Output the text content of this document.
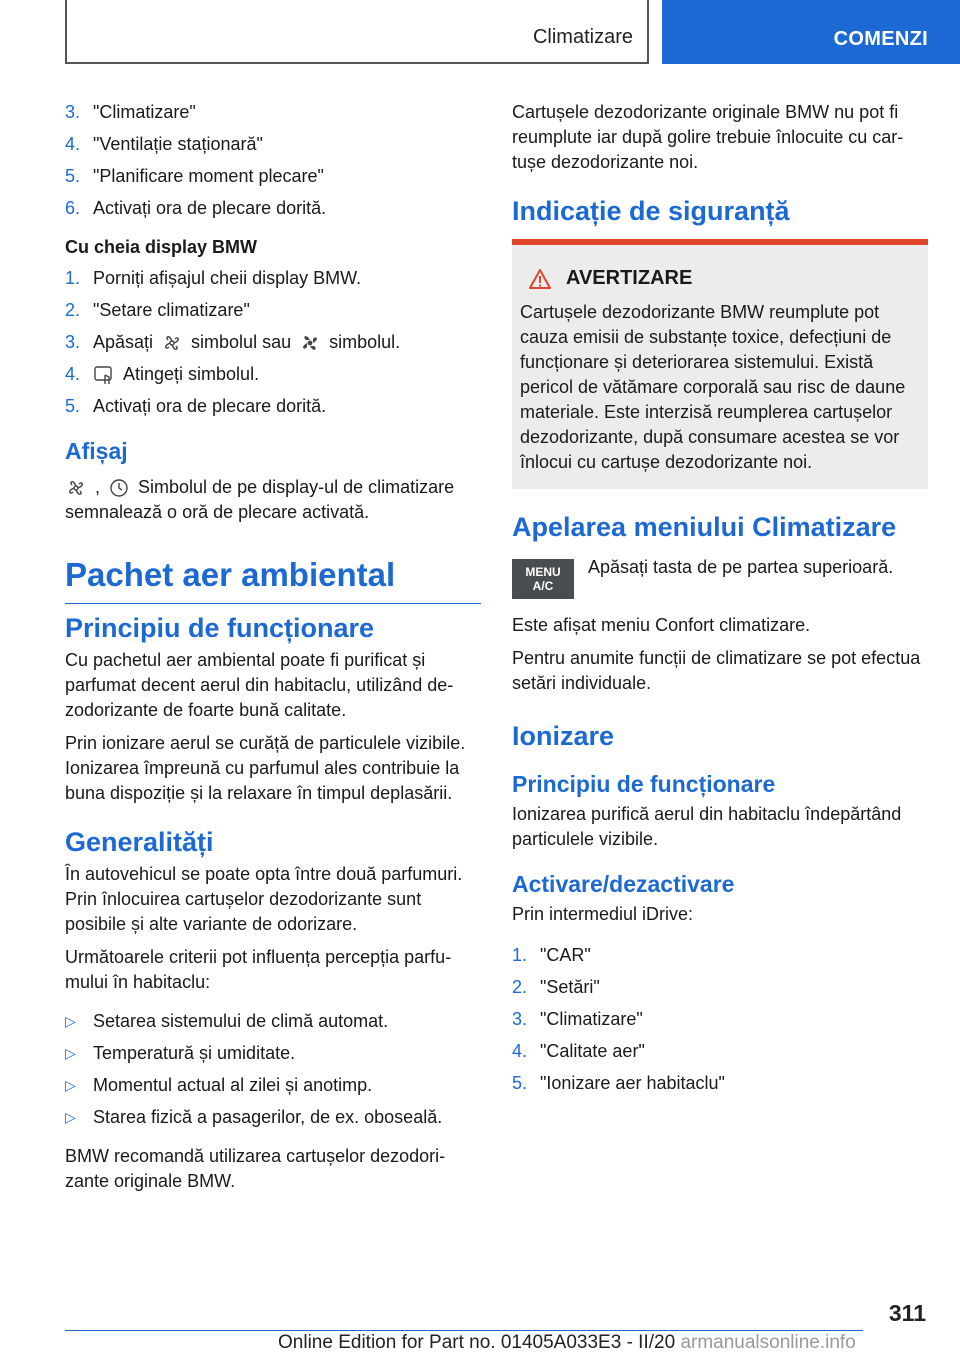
Climatizare	COMENZI
3. "Climatizare"
4. "Ventilație staționară"
5. "Planificare moment plecare"
6. Activați ora de plecare dorită.

Cu cheia display BMW

1. Porniți afișajul cheii display BMW.
2. "Setare climatizare"
3. Apăsați simbolul sau simbolul.
4.	Atingeți simbolul.
5. Activați ora de plecare dorită.
Afișaj

, Simbolul de pe display-ul de climatizare semnalează o oră de plecare activată.

Pachet aer ambiental
Principiu de funcționare

Cu pachetul aer ambiental poate fi purificat și parfumat decent aerul din habitaclu, utilizând dezodorizante de foarte bună calitate.

Prin ionizare aerul se curăță de particulele vizibile. Ionizarea împreună cu parfumul ales contribuie la buna dispoziție și la relaxare în timpul deplasării.

Generalități

În autovehicul se poate opta între două parfumuri. Prin înlocuirea cartușelor dezodorizante sunt posibile și alte variante de odorizare.

Următoarele criterii pot influența percepția parfumului în habitaclu:

▷ Setarea sistemului de climă automat.
▷ Temperatură și umiditate.
▷ Momentul actual al zilei și anotimp.
▷ Starea fizică a pasagerilor, de ex. oboseală.

BMW recomandă utilizarea cartușelor dezodorizante originale BMW.

Cartușele dezodorizante originale BMW nu pot fi reumplute iar după golire trebuie înlocuite cu cartușe dezodorizante noi.

Indicație de siguranță
AVERTIZARE
Cartușele dezodorizante BMW reumplute pot cauza emisii de substanțe toxice, defecțiuni de funcționare și deteriorarea sistemului. Există pericol de vătămare corporală sau risc de daune materiale. Este interzisă reumplerea cartușelor dezodorizante, după consumare acestea se vor înlocui cu cartușe dezodorizante noi.
Apelarea meniului Climatizare
MENU
A/C

Apăsați tasta de pe partea superioară.

Este afișat meniu Confort climatizare.

Pentru anumite funcții de climatizare se pot efectua setări individuale.

Ionizare
Principiu de funcționare

Ionizarea purifică aerul din habitaclu îndepărtând particulele vizibile.

Activare/dezactivare

Prin intermediul iDrive:

1. "CAR"
2. "Setări"
3. "Climatizare"
4. "Calitate aer"
5. "Ionizare aer habitaclu"
311
Online Edition for Part no. 01405A033E3 - II/20 armanualsonline.info
